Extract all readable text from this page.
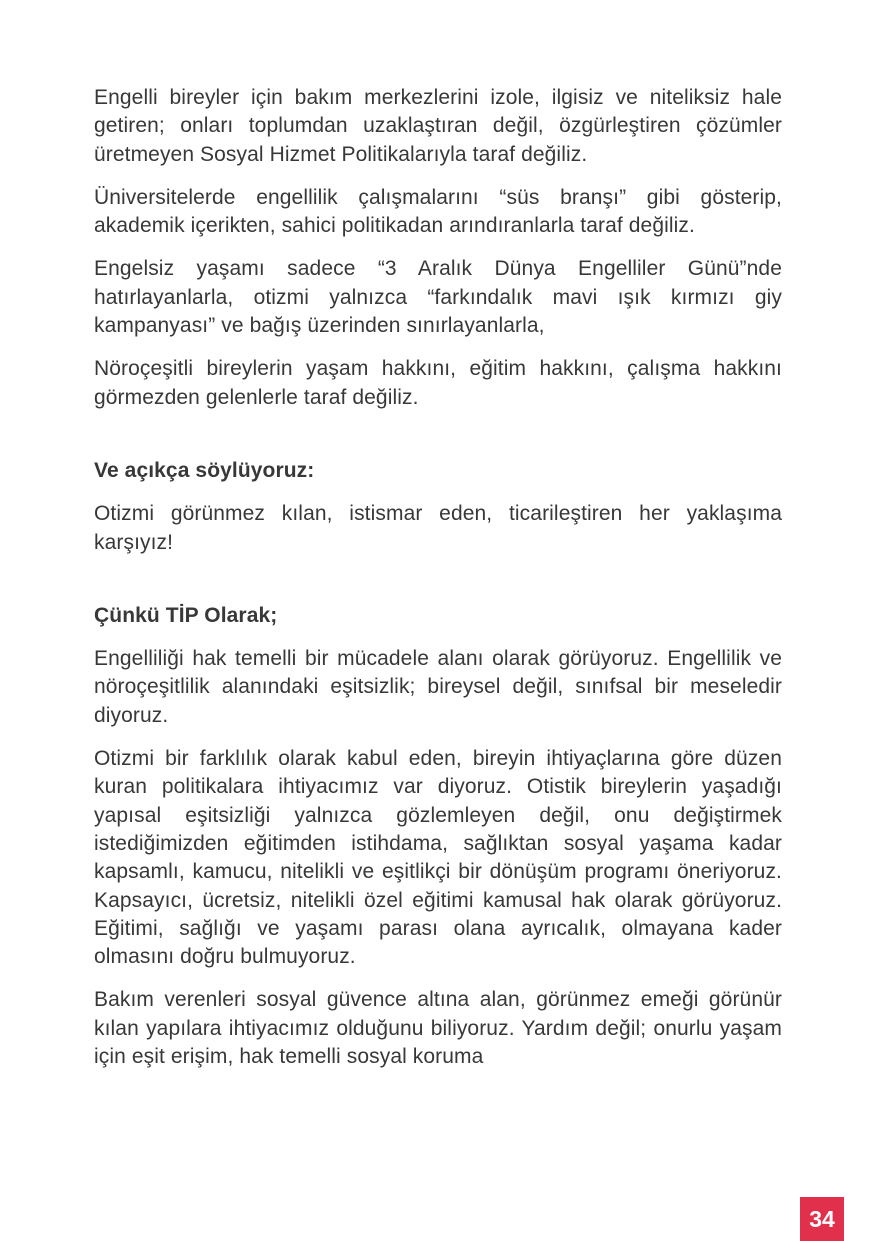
Engelli bireyler için bakım merkezlerini izole, ilgisiz ve niteliksiz hale getiren; onları toplumdan uzaklaştıran değil, özgürleştiren çözümler üretmeyen Sosyal Hizmet Politikalarıyla taraf değiliz.

Üniversitelerde engellilik çalışmalarını “süs branşı” gibi gösterip, akademik içerikten, sahici politikadan arındıranlarla taraf değiliz.

Engelsiz yaşamı sadece “3 Aralık Dünya Engelliler Günü”nde hatırlayanlarla, otizmi yalnızca “farkındalık mavi ışık kırmızı giy kampanyası” ve bağış üzerinden sınırlayanlarla,

Nöroçeşitli bireylerin yaşam hakkını, eğitim hakkını, çalışma hakkını görmezden gelenlerle taraf değiliz.

Ve açıkça söylüyoruz:

Otizmi görünmez kılan, istismar eden, ticarileştiren her yaklaşıma karşıyız!

Çünkü TİP Olarak;

Engelliliği hak temelli bir mücadele alanı olarak görüyoruz. Engellilik ve nöroçeşitlilik alanındaki eşitsizlik; bireysel değil, sınıfsal bir meseledir diyoruz.

Otizmi bir farklılık olarak kabul eden, bireyin ihtiyaçlarına göre düzen kuran politikalara ihtiyacımız var diyoruz. Otistik bireylerin yaşadığı yapısal eşitsizliği yalnızca gözlemleyen değil, onu değiştirmek istediğimizden eğitimden istihdama, sağlıktan sosyal yaşama kadar kapsamlı, kamucu, nitelikli ve eşitlikçi bir dönüşüm programı öneriyoruz. Kapsayıcı, ücretsiz, nitelikli özel eğitimi kamusal hak olarak görüyoruz. Eğitimi, sağlığı ve yaşamı parası olana ayrıcalık, olmayana kader olmasını doğru bulmuyoruz.

Bakım verenleri sosyal güvence altına alan, görünmez emeği görünür kılan yapılara ihtiyacımız olduğunu biliyoruz. Yardım değil; onurlu yaşam için eşit erişim, hak temelli sosyal koruma

34
